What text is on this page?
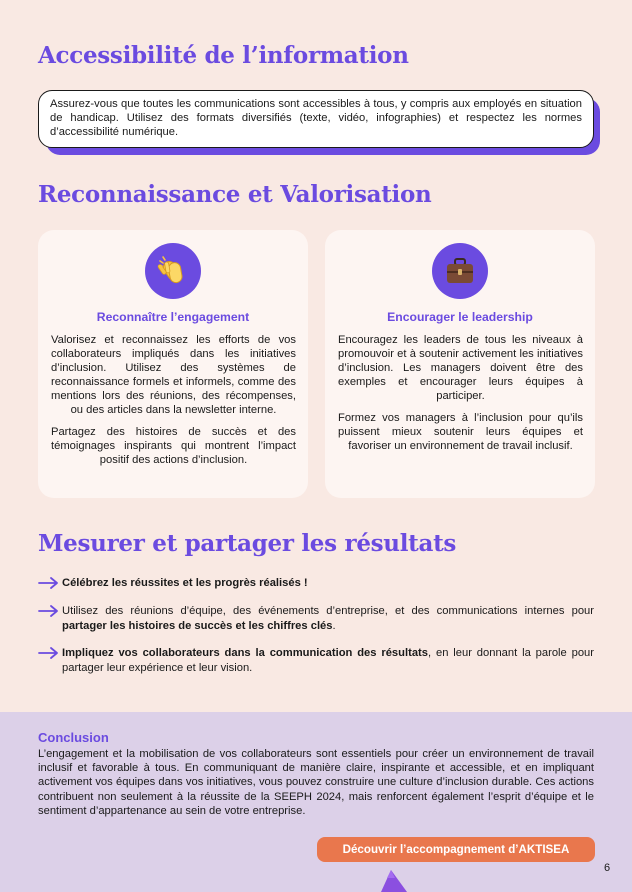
Accessibilité de l’information
Assurez-vous que toutes les communications sont accessibles à tous, y compris aux employés en situation de handicap. Utilisez des formats diversifiés (texte, vidéo, infographies) et respectez les normes d’accessibilité numérique.
Reconnaissance et Valorisation
Reconnaître l’engagement

Valorisez et reconnaissez les efforts de vos collaborateurs impliqués dans les initiatives d’inclusion. Utilisez des systèmes de reconnaissance formels et informels, comme des mentions lors des réunions, des récompenses, ou des articles dans la newsletter interne.

Partagez des histoires de succès et des témoignages inspirants qui montrent l’impact positif des actions d’inclusion.

Encourager le leadership

Encouragez les leaders de tous les niveaux à promouvoir et à soutenir activement les initiatives d’inclusion. Les managers doivent être des exemples et encourager leurs équipes à participer.

Formez vos managers à l’inclusion pour qu’ils puissent mieux soutenir leurs équipes et favoriser un environnement de travail inclusif.

Mesurer et partager les résultats
Célébrez les réussites et les progrès réalisés !
Utilisez des réunions d’équipe, des événements d’entreprise, et des communications internes pour partager les histoires de succès et les chiffres clés.
Impliquez vos collaborateurs dans la communication des résultats, en leur donnant la parole pour partager leur expérience et leur vision.
Conclusion
L’engagement et la mobilisation de vos collaborateurs sont essentiels pour créer un environnement de travail inclusif et favorable à tous. En communiquant de manière claire, inspirante et accessible, et en impliquant activement vos équipes dans vos initiatives, vous pouvez construire une culture d’inclusion durable. Ces actions contribuent non seulement à la réussite de la SEEPH 2024, mais renforcent également l’esprit d’équipe et le sentiment d’appartenance au sein de votre entreprise.
Découvrir l’accompagnement d’AKTISEA
6
